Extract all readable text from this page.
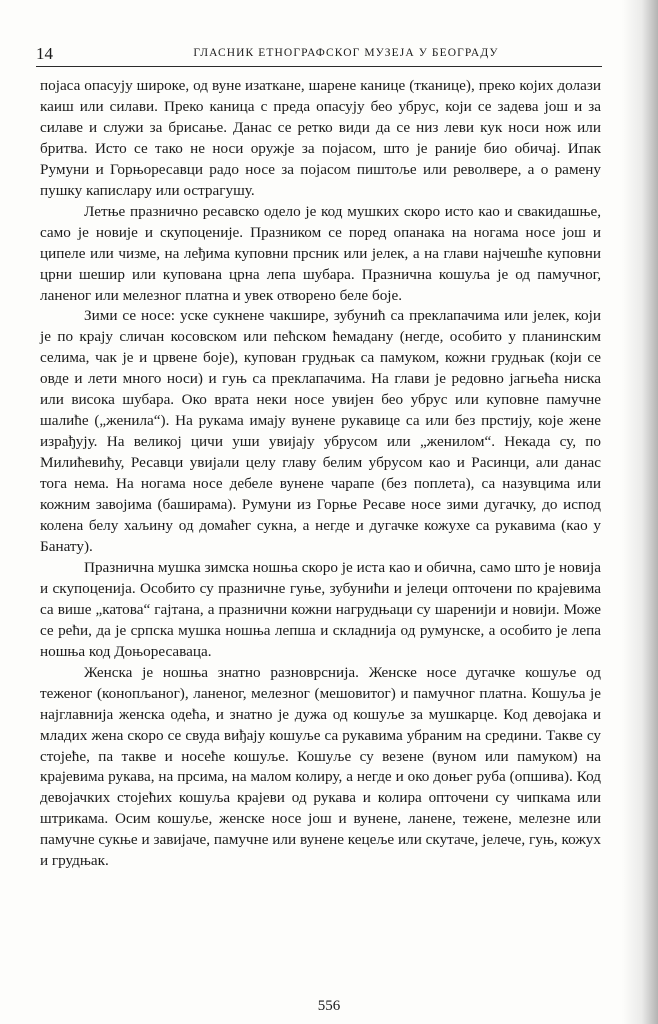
14	ГЛАСНИК ЕТНОГРАФСКОГ МУЗЕЈА У БЕОГРАДУ

појаса опасују широке, од вуне изаткане, шарене канице (тканице), преко којих долази каиш или силави. Преко каница с преда опасују бео убрус, који се задева још и за силаве и служи за брисање. Данас се ретко види да се низ леви кук носи нож или бритва. Исто се тако не носи оружје за појасом, што је раније био обичај. Ипак Румуни и Горњоресавци радо носе за појасом пиштоље или револвере, а о рамену пушку капислару или острагушу.

Летње празнично ресавско одело је код мушких скоро исто као и свакидашње, само је новије и скупоценије. Празником се поред опанака на ногама носе још и ципеле или чизме, на леђима куповни прсник или јелек, а на глави најчешће куповни црни шешир или купована црна лепа шубара. Празнична кошуља је од памучног, ланеног или мелезног платна и увек отворено беле боје.

Зими се носе: уске сукнене чакшире, зубунић са преклапачима или јелек, који је по крају сличан косовском или пећском ћемадану (негде, особито у планинским селима, чак је и црвене боје), купован грудњак са памуком, кожни грудњак (који се овде и лети много носи) и гуњ са преклапачима. На глави је редовно јагњећа ниска или висока шубара. Око врата неки носе увијен бео убрус или куповне памучне шалиће („женила“). На рукама имају вунене рукавице са или без прстију, које жене израђују. На великој цичи уши увијају убрусом или „женилом“. Некада су, по Милићевићу, Ресавци увијали целу главу белим убрусом као и Расинци, али данас тога нема. На ногама носе дебеле вунене чарапе (без поплета), са назувцима или кожним завојима (баширама). Румуни из Горње Ресаве носе зими дугачку, до испод колена белу хаљину од домаћег сукна, а негде и дугачке кожухе са рукавима (као у Банату).

Празнична мушка зимска ношња скоро је иста као и обична, само што је новија и скупоценија. Особито су празничне гуње, зубунићи и јелеци опточени по крајевима са више „катова“ гајтана, а празнични кожни нагрудњаци су шаренији и новији. Може се рећи, да је српска мушка ношња лепша и складнија од румунске, а особито је лепа ношња код Доњоресаваца.

Женска је ношња знатно разноврснија. Женске носе дугачке кошуље од теженог (конопљаног), ланеног, мелезног (мешовитог) и памучног платна. Кошуља је најглавнија женска одећа, и знатно је дужа од кошуље за мушкарце. Код девојака и младих жена скоро се свуда виђају кошуље са рукавима убраним на средини. Такве су стојеће, па такве и носеће кошуље. Кошуље су везене (вуном или памуком) на крајевима рукава, на прсима, на малом колиру, а негде и око доњег руба (опшива). Код девојачких стојећих кошуља крајеви од рукава и колира опточени су чипкама или штрикама. Осим кошуље, женске носе још и вунене, ланене, тежене, мелезне или памучне сукње и завијаче, памучне или вунене кецеље или скутаче, јелече, гуњ, кожух и грудњак.

556
